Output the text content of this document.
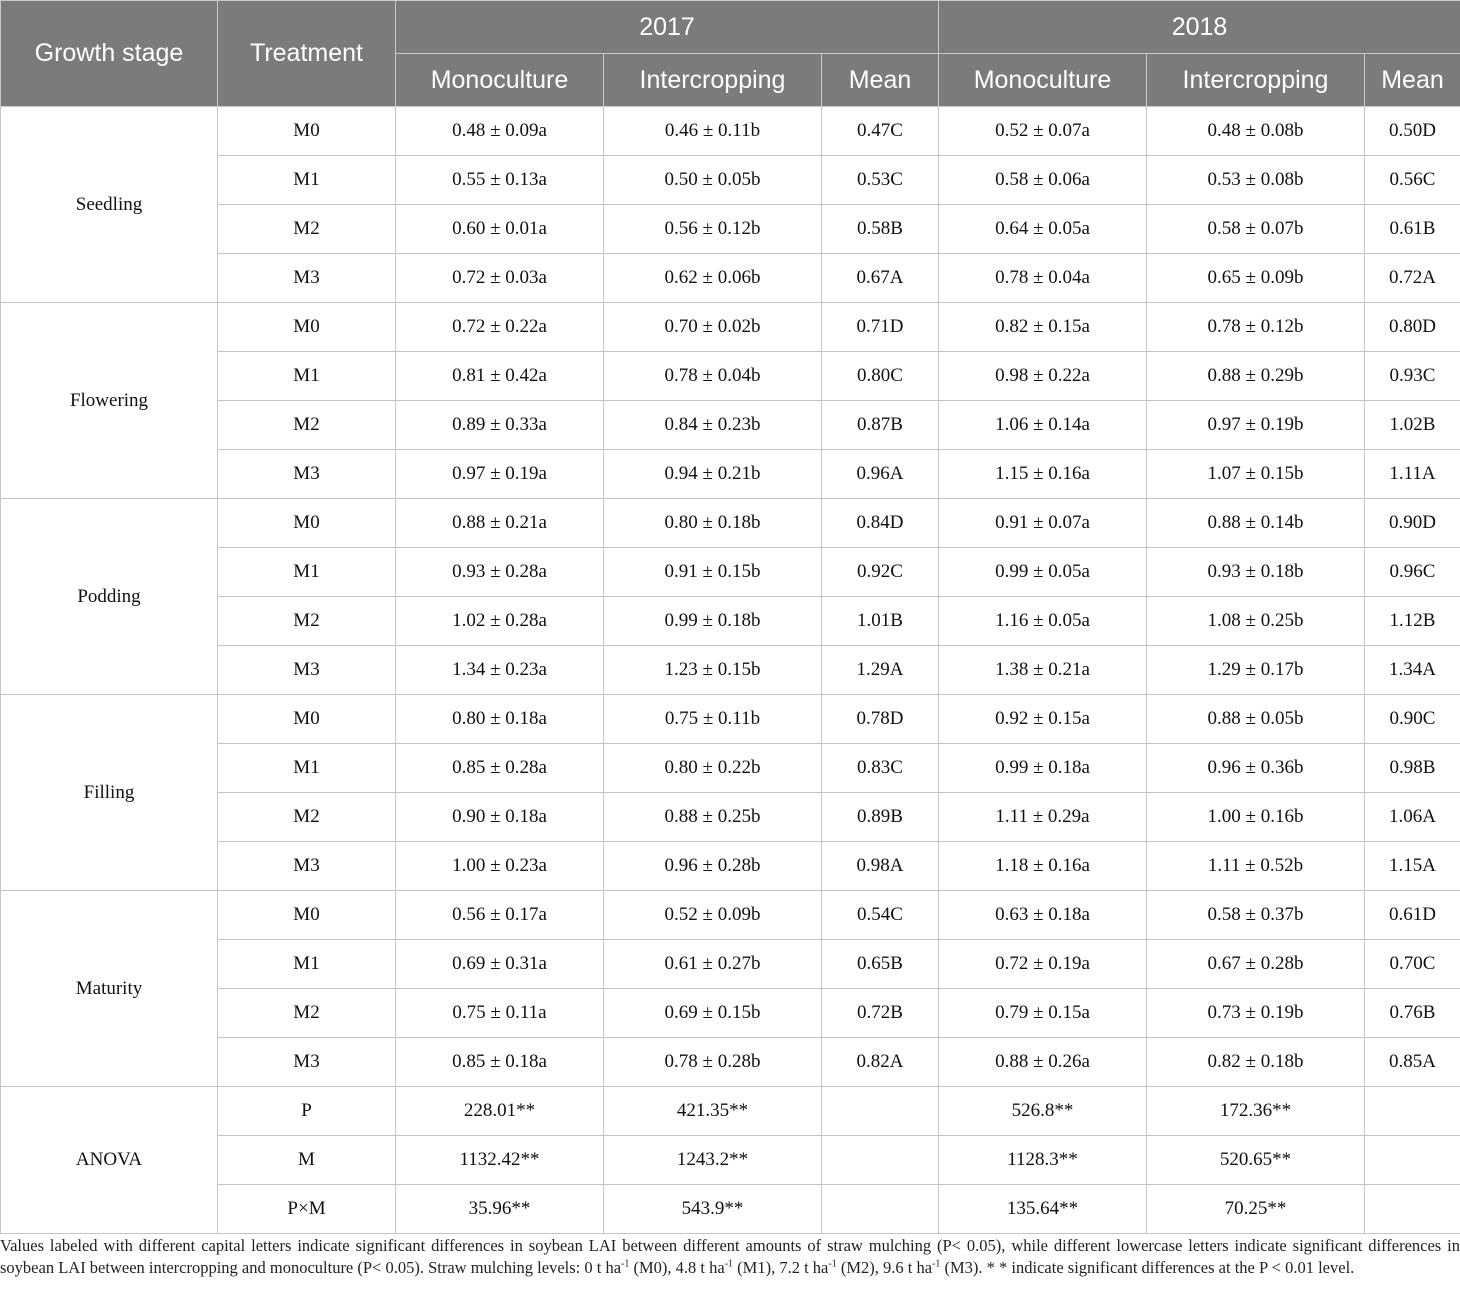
Growth stage	Treatment	2017			2018		
		Monoculture	Intercropping	Mean	Monoculture	Intercropping	Mean
Seedling	M0	0.48 ± 0.09a	0.46 ± 0.11b	0.47C	0.52 ± 0.07a	0.48 ± 0.08b	0.50D
	M1	0.55 ± 0.13a	0.50 ± 0.05b	0.53C	0.58 ± 0.06a	0.53 ± 0.08b	0.56C
	M2	0.60 ± 0.01a	0.56 ± 0.12b	0.58B	0.64 ± 0.05a	0.58 ± 0.07b	0.61B
	M3	0.72 ± 0.03a	0.62 ± 0.06b	0.67A	0.78 ± 0.04a	0.65 ± 0.09b	0.72A
Flowering	M0	0.72 ± 0.22a	0.70 ± 0.02b	0.71D	0.82 ± 0.15a	0.78 ± 0.12b	0.80D
	M1	0.81 ± 0.42a	0.78 ± 0.04b	0.80C	0.98 ± 0.22a	0.88 ± 0.29b	0.93C
	M2	0.89 ± 0.33a	0.84 ± 0.23b	0.87B	1.06 ± 0.14a	0.97 ± 0.19b	1.02B
	M3	0.97 ± 0.19a	0.94 ± 0.21b	0.96A	1.15 ± 0.16a	1.07 ± 0.15b	1.11A
Podding	M0	0.88 ± 0.21a	0.80 ± 0.18b	0.84D	0.91 ± 0.07a	0.88 ± 0.14b	0.90D
	M1	0.93 ± 0.28a	0.91 ± 0.15b	0.92C	0.99 ± 0.05a	0.93 ± 0.18b	0.96C
	M2	1.02 ± 0.28a	0.99 ± 0.18b	1.01B	1.16 ± 0.05a	1.08 ± 0.25b	1.12B
	M3	1.34 ± 0.23a	1.23 ± 0.15b	1.29A	1.38 ± 0.21a	1.29 ± 0.17b	1.34A
Filling	M0	0.80 ± 0.18a	0.75 ± 0.11b	0.78D	0.92 ± 0.15a	0.88 ± 0.05b	0.90C
	M1	0.85 ± 0.28a	0.80 ± 0.22b	0.83C	0.99 ± 0.18a	0.96 ± 0.36b	0.98B
	M2	0.90 ± 0.18a	0.88 ± 0.25b	0.89B	1.11 ± 0.29a	1.00 ± 0.16b	1.06A
	M3	1.00 ± 0.23a	0.96 ± 0.28b	0.98A	1.18 ± 0.16a	1.11 ± 0.52b	1.15A
Maturity	M0	0.56 ± 0.17a	0.52 ± 0.09b	0.54C	0.63 ± 0.18a	0.58 ± 0.37b	0.61D
	M1	0.69 ± 0.31a	0.61 ± 0.27b	0.65B	0.72 ± 0.19a	0.67 ± 0.28b	0.70C
	M2	0.75 ± 0.11a	0.69 ± 0.15b	0.72B	0.79 ± 0.15a	0.73 ± 0.19b	0.76B
	M3	0.85 ± 0.18a	0.78 ± 0.28b	0.82A	0.88 ± 0.26a	0.82 ± 0.18b	0.85A
ANOVA	P	228.01**	421.35**		526.8**	172.36**	
	M	1132.42**	1243.2**		1128.3**	520.65**	
	P×M	35.96**	543.9**		135.64**	70.25**	
Values labeled with different capital letters indicate significant differences in soybean LAI between different amounts of straw mulching (P< 0.05), while different lowercase letters indicate significant differences in soybean LAI between intercropping and monoculture (P< 0.05). Straw mulching levels: 0 t $ha^{-1}$ (M0), 4.8 t $ha^{-1}$ (M1), 7.2 t $ha^{-1}$ (M2), 9.6 t $ha^{-1}$ (M3). * * indicate significant differences at the P < 0.01 level.
